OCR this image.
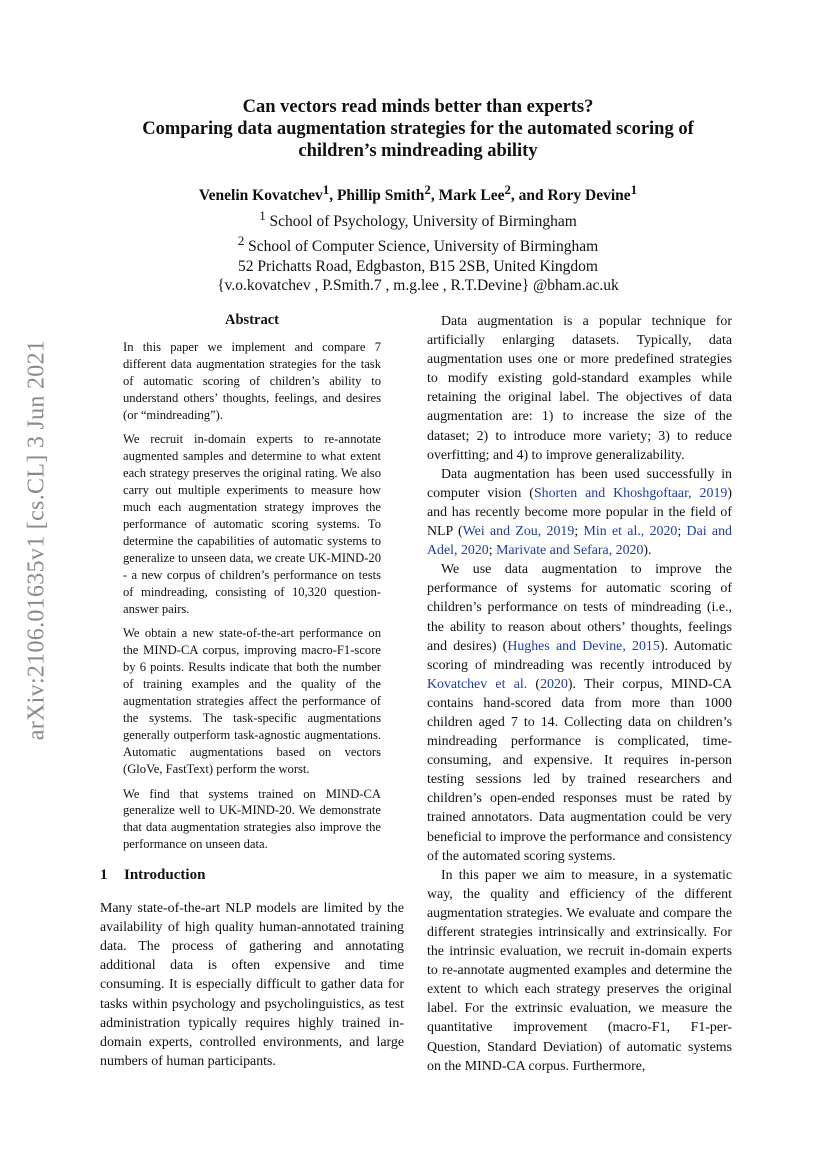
arXiv:2106.01635v1 [cs.CL] 3 Jun 2021
Can vectors read minds better than experts?
Comparing data augmentation strategies for the automated scoring of
children’s mindreading ability
Venelin Kovatchev$^1$, Phillip Smith$^2$, Mark Lee$^2$, and Rory Devine$^1$
$^1$ School of Psychology, University of Birmingham
$^2$ School of Computer Science, University of Birmingham
52 Prichatts Road, Edgbaston, B15 2SB, United Kingdom
{v.o.kovatchev , P.Smith.7 , m.g.lee , R.T.Devine} @bham.ac.uk
Abstract

In this paper we implement and compare 7 different data augmentation strategies for the task of automatic scoring of children’s ability to understand others’ thoughts, feelings, and desires (or “mindreading”).

We recruit in-domain experts to re-annotate augmented samples and determine to what extent each strategy preserves the original rating. We also carry out multiple experiments to measure how much each augmentation strategy improves the performance of automatic scoring systems. To determine the capabilities of automatic systems to generalize to unseen data, we create UK-MIND-20 - a new corpus of children’s performance on tests of mindreading, consisting of 10,320 question-answer pairs.

We obtain a new state-of-the-art performance on the MIND-CA corpus, improving macro-F1-score by 6 points. Results indicate that both the number of training examples and the quality of the augmentation strategies affect the performance of the systems. The task-specific augmentations generally outperform task-agnostic augmentations. Automatic augmentations based on vectors (GloVe, FastText) perform the worst.

We find that systems trained on MIND-CA generalize well to UK-MIND-20. We demonstrate that data augmentation strategies also improve the performance on unseen data.

1 Introduction

Many state-of-the-art NLP models are limited by the availability of high quality human-annotated training data. The process of gathering and annotating additional data is often expensive and time consuming. It is especially difficult to gather data for tasks within psychology and psycholinguistics, as test administration typically requires highly trained in-domain experts, controlled environments, and large numbers of human participants.

Data augmentation is a popular technique for artificially enlarging datasets. Typically, data augmentation uses one or more predefined strategies to modify existing gold-standard examples while retaining the original label. The objectives of data augmentation are: 1) to increase the size of the dataset; 2) to introduce more variety; 3) to reduce overfitting; and 4) to improve generalizability.

Data augmentation has been used successfully in computer vision (Shorten and Khoshgoftaar, 2019) and has recently become more popular in the field of NLP (Wei and Zou, 2019; Min et al., 2020; Dai and Adel, 2020; Marivate and Sefara, 2020).

We use data augmentation to improve the performance of systems for automatic scoring of children’s performance on tests of mindreading (i.e., the ability to reason about others’ thoughts, feelings and desires) (Hughes and Devine, 2015). Automatic scoring of mindreading was recently introduced by Kovatchev et al. (2020). Their corpus, MIND-CA contains hand-scored data from more than 1000 children aged 7 to 14. Collecting data on children’s mindreading performance is complicated, time-consuming, and expensive. It requires in-person testing sessions led by trained researchers and children’s open-ended responses must be rated by trained annotators. Data augmentation could be very beneficial to improve the performance and consistency of the automated scoring systems.

In this paper we aim to measure, in a systematic way, the quality and efficiency of the different augmentation strategies. We evaluate and compare the different strategies intrinsically and extrinsically. For the intrinsic evaluation, we recruit in-domain experts to re-annotate augmented examples and determine the extent to which each strategy preserves the original label. For the extrinsic evaluation, we measure the quantitative improvement (macro-F1, F1-per-Question, Standard Deviation) of automatic systems on the MIND-CA corpus. Furthermore,
